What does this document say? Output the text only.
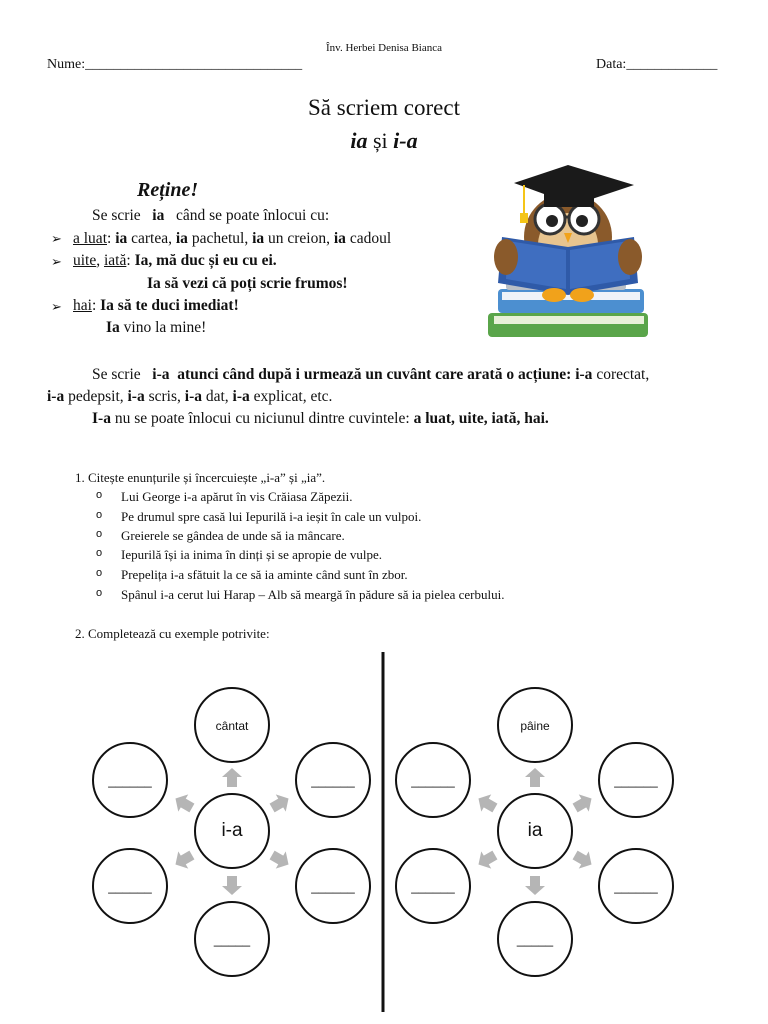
Înv. Herbei Denisa Bianca
Nume:_______________________________	Data:_____________
Să scriem corect
ia și i-a
Reține!
Se scrie   ia   când se poate înlocui cu:
➢ a luat: ia cartea, ia pachetul, ia un creion, ia cadoul
➢ uite, iată: Ia, mă duc și eu cu ei.
Ia să vezi că poți scrie frumos!
➢ hai: Ia să te duci imediat!
Ia vino la mine!
Se scrie   i-a  atunci când după i urmează un cuvânt care arată o acțiune: i-a corectat,
i-a pedepsit, i-a scris, i-a dat, i-a explicat, etc.
I-a nu se poate înlocui cu niciunul dintre cuvintele: a luat, uite, iată, hai.
1. Citește enunțurile și încercuiește „i-a” și „ia”.
o Lui George i-a apărut în vis Crăiasa Zăpezii.
o Pe drumul spre casă lui Iepurilă i-a ieșit în cale un vulpoi.
o Greierele se gândea de unde să ia mâncare.
o Iepurilă își ia inima în dinți și se apropie de vulpe.
o Prepelița i-a sfătuit la ce să ia aminte când sunt în zbor.
o Spânul i-a cerut lui Harap – Alb să meargă în pădure să ia pielea cerbului.
2. Completează cu exemple potrivite:
cântat
______	______
______	______
_____
i-a
pâine
______	______
______	______
_____
ia
